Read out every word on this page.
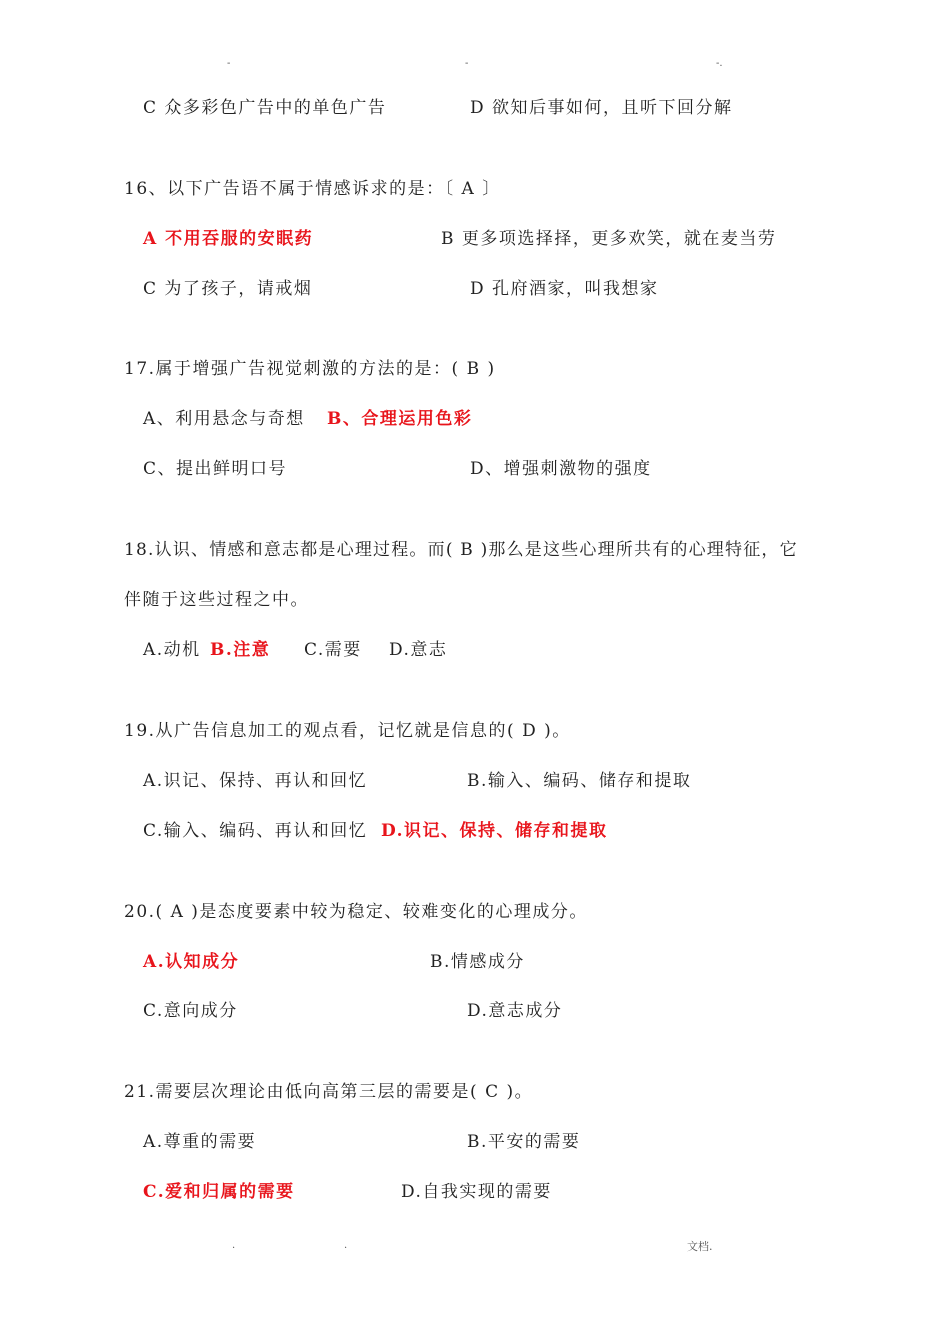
-	-	-.
C 众多彩色广告中的单色广告	D 欲知后事如何，且听下回分解
16、以下广告语不属于情感诉求的是：〔 A 〕
A 不用吞服的安眠药	B 更多项选择择，更多欢笑，就在麦当劳
C 为了孩子，请戒烟	D 孔府酒家，叫我想家
17.属于增强广告视觉刺激的方法的是：( B )
A、利用悬念与奇想 B、合理运用色彩
C、提出鲜明口号	D、增强刺激物的强度
18.认识、情感和意志都是心理过程。而( B )那么是这些心理所共有的心理特征，它
伴随于这些过程之中。
A.动机 B.注意 C.需要 D.意志
19.从广告信息加工的观点看，记忆就是信息的( D )。
A.识记、保持、再认和回忆	B.输入、编码、储存和提取
C.输入、编码、再认和回忆 D.识记、保持、储存和提取
20.( A )是态度要素中较为稳定、较难变化的心理成分。
A.认知成分	B.情感成分
C.意向成分	D.意志成分
21.需要层次理论由低向高第三层的需要是( C )。
A.尊重的需要	B.平安的需要
C.爱和归属的需要	D.自我实现的需要
.	.	文档.
